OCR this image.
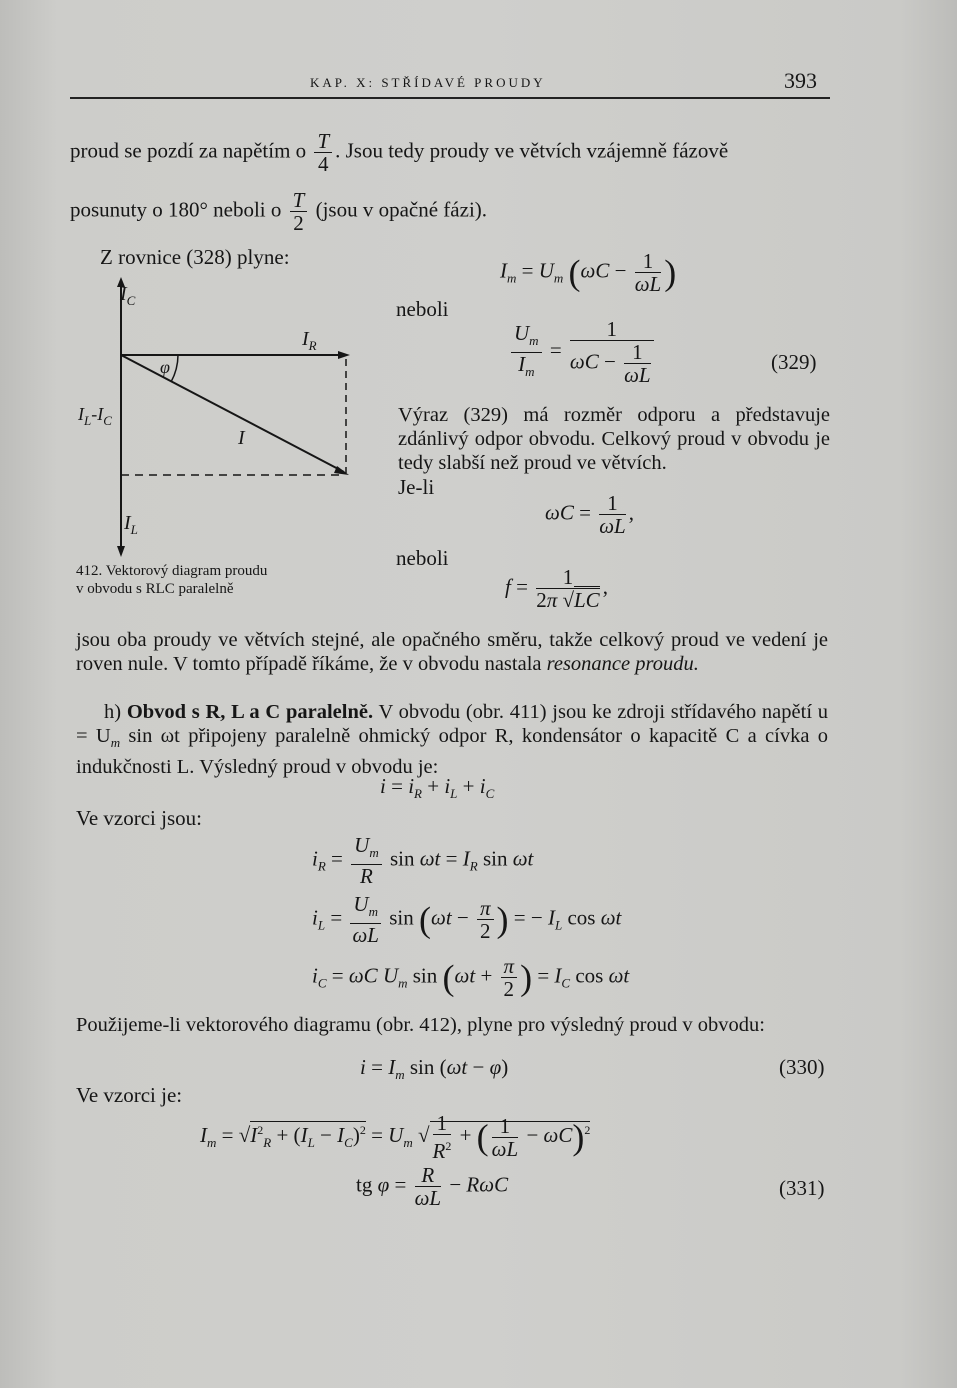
KAP. X: STŘÍDAVÉ PROUDY	393
proud se pozdí za napětím o $\frac{T}{4}$ . Jsou tedy proudy ve větvích vzájemně fázově
posunuty o 180° neboli o $\frac{T}{2}$ (jsou v opačné fázi).
Z rovnice (328) plyne:
$I_C$
$I_R$
φ
I
$I_L-I_C$
$I_L$
412. Vektorový diagram proudu
v obvodu s RLC paralelně
$I_m = U_m$ ($\omega C - \frac{1}{\omega L}$ )
neboli
$\frac{U_m}{I_m} = \frac{1}{\omega C - \frac{1}{\omega L}}$	(329)
Výraz (329) má rozměr odporu a představuje zdánlivý odpor obvodu. Celkový proud v obvodu je tedy slabší než proud ve větvích.
Je-li
$\omega C = \frac{1}{\omega L}$ ,
neboli
$f = \frac{1}{2\pi √LC}$ ,
jsou oba proudy ve větvích stejné, ale opačného směru, takže celkový proud ve vedení je roven nule. V tomto případě říkáme, že v obvodu nastala resonance proudu.
h) Obvod s R, L a C paralelně. V obvodu (obr. 411) jsou ke zdroji střídavého napětí $u = U_m$ sin ωt připojeny paralelně ohmický odpor R, kondensátor o kapacitě C a cívka o indukčnosti L. Výsledný proud v obvodu je:
$i = i_R + i_L + i_C$
Ve vzorci jsou:
$i_R = \frac{U_m}{R}$ $\sin \omega t = I_R$ sin ωt
$i_L = \frac{U_m}{\omega L}$ $\sin (\omega t - \frac{\pi}{2}$ ) = − $I_L$ cos ωt
$i_C = \omega C$ $U_m$ $\sin (\omega t + \frac{\pi}{2}$ ) = $I_C$ cos ωt
Použijeme-li vektorového diagramu (obr. 412), plyne pro výsledný proud v obvodu:
$i = I_m$ sin (ωt − φ)	(330)
Ve vzorci je:
$I_m = √I^2_R + (I_L - I_C)^2 = U_m$ √ $\frac{1}{R^2}$ + ( $\frac{1}{\omega L} - \omega C)^2$
tg $\varphi = \frac{R}{\omega L} - R\omega C$	(331)
